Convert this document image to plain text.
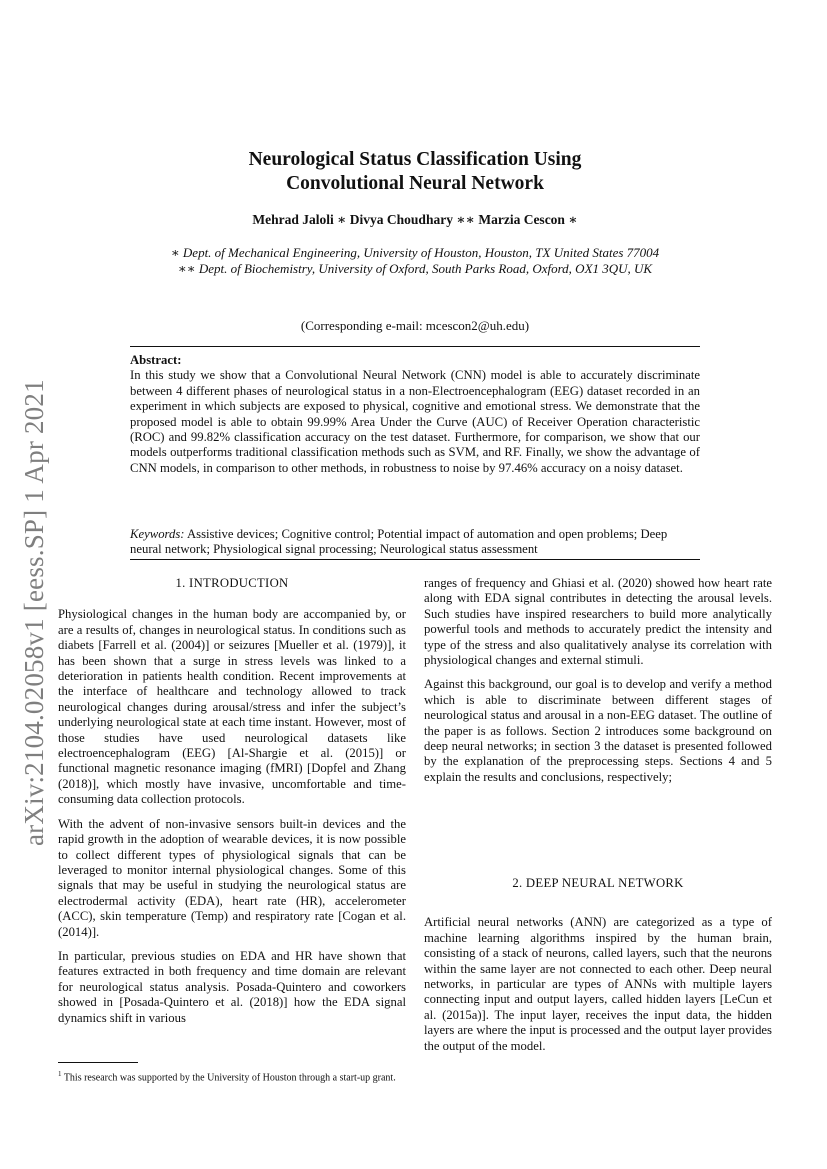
arXiv:2104.02058v1 [eess.SP] 1 Apr 2021
Neurological Status Classification Using
Convolutional Neural Network
Mehrad Jaloli ∗ Divya Choudhary ∗∗ Marzia Cescon ∗
∗ Dept. of Mechanical Engineering, University of Houston, Houston, TX United States 77004
∗∗ Dept. of Biochemistry, University of Oxford, South Parks Road, Oxford, OX1 3QU, UK
(Corresponding e-mail: mcescon2@uh.edu)
Abstract:
In this study we show that a Convolutional Neural Network (CNN) model is able to accurately discriminate between 4 different phases of neurological status in a non-Electroencephalogram (EEG) dataset recorded in an experiment in which subjects are exposed to physical, cognitive and emotional stress. We demonstrate that the proposed model is able to obtain 99.99% Area Under the Curve (AUC) of Receiver Operation characteristic (ROC) and 99.82% classification accuracy on the test dataset. Furthermore, for comparison, we show that our models outperforms traditional classification methods such as SVM, and RF. Finally, we show the advantage of CNN models, in comparison to other methods, in robustness to noise by 97.46% accuracy on a noisy dataset.
Keywords: Assistive devices; Cognitive control; Potential impact of automation and open problems; Deep neural network; Physiological signal processing; Neurological status assessment
1. INTRODUCTION

Physiological changes in the human body are accompanied by, or are a results of, changes in neurological status. In conditions such as diabets [Farrell et al. (2004)] or seizures [Mueller et al. (1979)], it has been shown that a surge in stress levels was linked to a deterioration in patients health condition. Recent improvements at the interface of healthcare and technology allowed to track neurological changes during arousal/stress and infer the subject’s underlying neurological state at each time instant. However, most of those studies have used neurological datasets like electroencephalogram (EEG) [Al-Shargie et al. (2015)] or functional magnetic resonance imaging (fMRI) [Dopfel and Zhang (2018)], which mostly have invasive, uncomfortable and time-consuming data collection protocols.

With the advent of non-invasive sensors built-in devices and the rapid growth in the adoption of wearable devices, it is now possible to collect different types of physiological signals that can be leveraged to monitor internal physiological changes. Some of this signals that may be useful in studying the neurological status are electrodermal activity (EDA), heart rate (HR), accelerometer (ACC), skin temperature (Temp) and respiratory rate [Cogan et al. (2014)].

In particular, previous studies on EDA and HR have shown that features extracted in both frequency and time domain are relevant for neurological status analysis. Posada-Quintero and coworkers showed in [Posada-Quintero et al. (2018)] how the EDA signal dynamics shift in various

$^1$ This research was supported by the University of Houston through a start-up grant.

ranges of frequency and Ghiasi et al. (2020) showed how heart rate along with EDA signal contributes in detecting the arousal levels. Such studies have inspired researchers to build more analytically powerful tools and methods to accurately predict the intensity and type of the stress and also qualitatively analyse its correlation with physiological changes and external stimuli.

Against this background, our goal is to develop and verify a method which is able to discriminate between different stages of neurological status and arousal in a non-EEG dataset. The outline of the paper is as follows. Section 2 introduces some background on deep neural networks; in section 3 the dataset is presented followed by the explanation of the preprocessing steps. Sections 4 and 5 explain the results and conclusions, respectively;

2. DEEP NEURAL NETWORK

Artificial neural networks (ANN) are categorized as a type of machine learning algorithms inspired by the human brain, consisting of a stack of neurons, called layers, such that the neurons within the same layer are not connected to each other. Deep neural networks, in particular are types of ANNs with multiple layers connecting input and output layers, called hidden layers [LeCun et al. (2015a)]. The input layer, receives the input data, the hidden layers are where the input is processed and the output layer provides the output of the model.
